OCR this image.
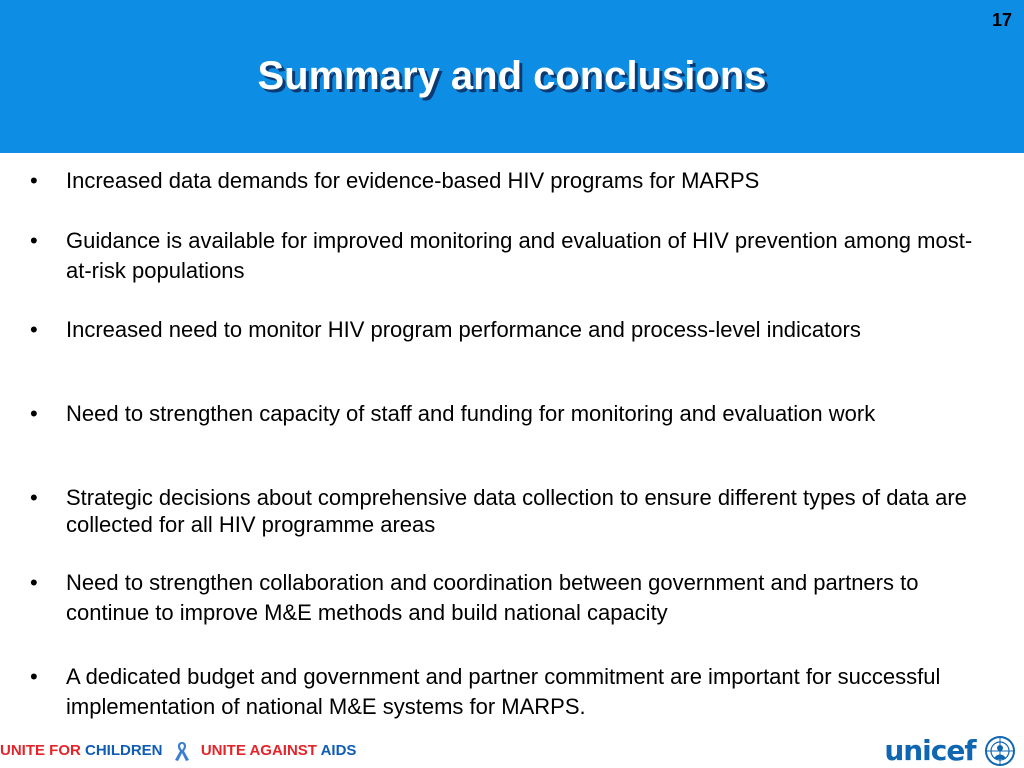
17
Summary and conclusions
• Increased data demands for evidence-based HIV programs for MARPS
• Guidance is available for improved monitoring and evaluation of HIV prevention among most-at-risk populations
• Increased need to monitor HIV program performance and process-level indicators
• Need to strengthen capacity of staff and funding for monitoring and evaluation work
• Strategic decisions about comprehensive data collection to ensure different types of data are collected for all HIV programme areas
• Need to strengthen collaboration and coordination between government and partners to continue to improve M&E methods and build national capacity
• A dedicated budget and government and partner commitment are important for successful implementation of national M&E systems for MARPS.
UNITE FOR CHILDREN	UNITE AGAINST AIDS	unicef
